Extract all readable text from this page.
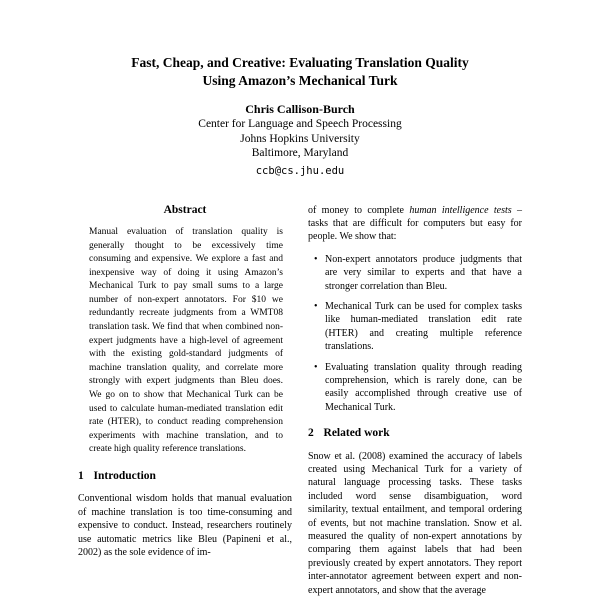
Fast, Cheap, and Creative: Evaluating Translation Quality
Using Amazon’s Mechanical Turk
Chris Callison-Burch
Center for Language and Speech Processing
Johns Hopkins University
Baltimore, Maryland
ccb@cs.jhu.edu
Abstract
Manual evaluation of translation quality is generally thought to be excessively time consuming and expensive. We explore a fast and inexpensive way of doing it using Amazon’s Mechanical Turk to pay small sums to a large number of non-expert annotators. For $10 we redundantly recreate judgments from a WMT08 translation task. We find that when combined non-expert judgments have a high-level of agreement with the existing gold-standard judgments of machine translation quality, and correlate more strongly with expert judgments than Bleu does. We go on to show that Mechanical Turk can be used to calculate human-mediated translation edit rate (HTER), to conduct reading comprehension experiments with machine translation, and to create high quality reference translations.
1 Introduction

Conventional wisdom holds that manual evaluation of machine translation is too time-consuming and expensive to conduct. Instead, researchers routinely use automatic metrics like Bleu (Papineni et al., 2002) as the sole evidence of im-

of money to complete human intelligence tests – tasks that are difficult for computers but easy for people. We show that:

• Non-expert annotators produce judgments that are very similar to experts and that have a stronger correlation than Bleu.
• Mechanical Turk can be used for complex tasks like human-mediated translation edit rate (HTER) and creating multiple reference translations.
• Evaluating translation quality through reading comprehension, which is rarely done, can be easily accomplished through creative use of Mechanical Turk.
2 Related work

Snow et al. (2008) examined the accuracy of labels created using Mechanical Turk for a variety of natural language processing tasks. These tasks included word sense disambiguation, word similarity, textual entailment, and temporal ordering of events, but not machine translation. Snow et al. measured the quality of non-expert annotations by comparing them against labels that had been previously created by expert annotators. They report inter-annotator agreement between expert and non-expert annotators, and show that the average
